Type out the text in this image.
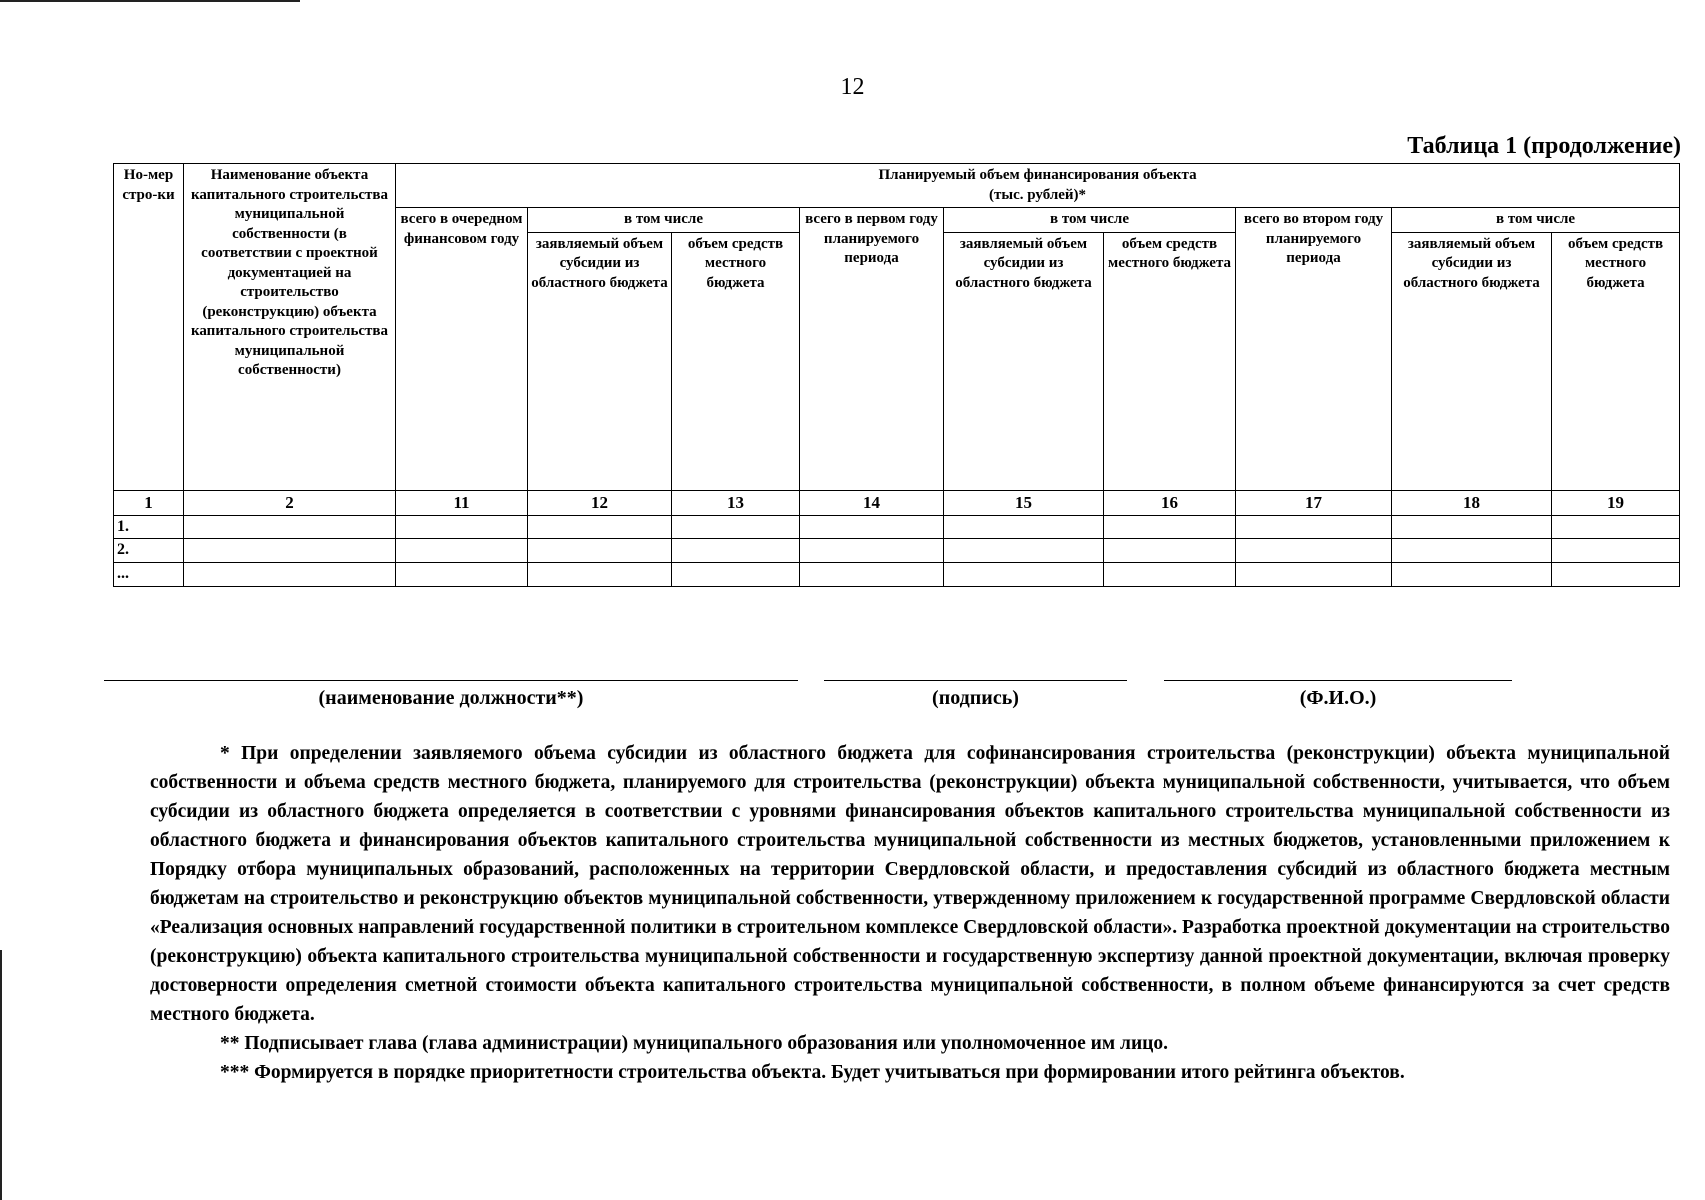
12
Таблица 1 (продолжение)
Но-мер стро-ки	Наименование объекта капитального строительства муниципальной собственности (в соответствии с проектной документацией на строительство (реконструкцию) объекта капитального строительства муниципальной собственности)	Планируемый объем финансирования объекта
(тыс. рублей)*								

		всего в очередном финансовом году	в том числе		всего в первом году планируемого периода	в том числе		всего во втором году планируемого периода	в том числе	
			заявляемый объем субсидии из областного бюджета	объем средств местного бюджета		заявляемый объем субсидии из областного бюджета	объем средств местного бюджета		заявляемый объем субсидии из областного бюджета	объем средств местного бюджета
1	2	11	12	13	14	15	16	17	18	19
1.										
2.										
...										
(наименование должности**)	(подпись)	(Ф.И.О.)

* При определении заявляемого объема субсидии из областного бюджета для софинансирования строительства (реконструкции) объекта муниципальной собственности и объема средств местного бюджета, планируемого для строительства (реконструкции) объекта муниципальной собственности, учитывается, что объем субсидии из областного бюджета определяется в соответствии с уровнями финансирования объектов капитального строительства муниципальной собственности из областного бюджета и финансирования объектов капитального строительства муниципальной собственности из местных бюджетов, установленными приложением к Порядку отбора муниципальных образований, расположенных на территории Свердловской области, и предоставления субсидий из областного бюджета местным бюджетам на строительство и реконструкцию объектов муниципальной собственности, утвержденному приложением к государственной программе Свердловской области «Реализация основных направлений государственной политики в строительном комплексе Свердловской области». Разработка проектной документации на строительство (реконструкцию) объекта капитального строительства муниципальной собственности и государственную экспертизу данной проектной документации, включая проверку достоверности определения сметной стоимости объекта капитального строительства муниципальной собственности, в полном объеме финансируются за счет средств местного бюджета.

** Подписывает глава (глава администрации) муниципального образования или уполномоченное им лицо.

*** Формируется в порядке приоритетности строительства объекта. Будет учитываться при формировании итого рейтинга объектов.
